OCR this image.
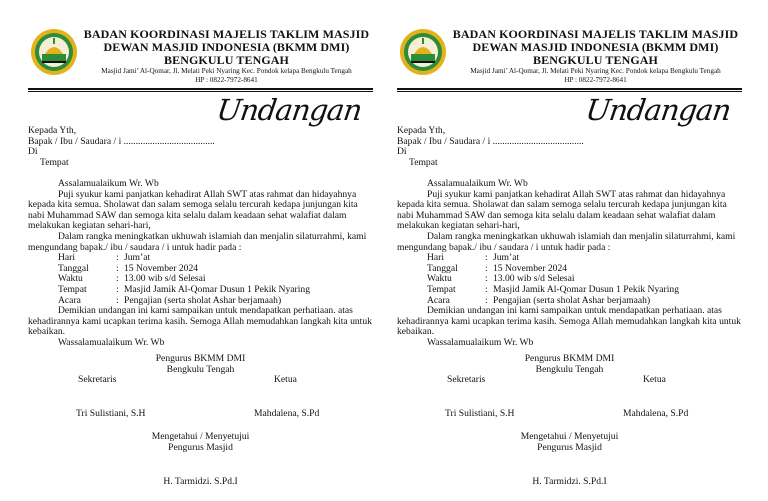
BADAN KOORDINASI MAJELIS TAKLIM MASJID
DEWAN MASJID INDONESIA (BKMM DMI)
BENGKULU TENGAH
Masjid Jami’ Al-Qomar, Jl. Melati Peki Nyaring Kec. Pondok kelapa Bengkulu Tengah
HP : 0822-7972-8641
Undangan

Kepada Yth,

Bapak / Ibu / Saudara / i ......................................

Di

Tempat

Assalamualaikum Wr. Wb

Puji syukur kami panjatkan kehadirat Allah SWT atas rahmat dan hidayahnya kepada kita semua. Sholawat dan salam semoga selalu tercurah kedapa junjungan kita nabi Muhammad SAW dan semoga kita selalu dalam keadaan sehat walafiat dalam melakukan kegiatan sehari-hari,

Dalam rangka meningkatkan ukhuwah islamiah dan menjalin silaturrahmi, kami mengundang bapak./ ibu / saudara / i untuk hadir pada :

Hari	: Jum’at
Tanggal	: 15 November 2024
Waktu	: 13.00 wib s/d Selesai
Tempat	: Masjid Jamik Al-Qomar Dusun 1 Pekik Nyaring
Acara	: Pengajian (serta sholat Ashar berjamaah)

Demikian undangan ini kami sampaikan untuk mendapatkan perhatiaan. atas kehadirannya kami ucapkan terima kasih. Semoga Allah memudahkan langkah kita untuk kebaikan.

Wassalamualaikum Wr. Wb

Pengurus BKMM DMI

Bengkulu Tengah

Sekretaris	Ketua
Tri Sulistiani, S.H	Mahdalena, S.Pd

Mengetahui / Menyetujui

Pengurus Masjid

H. Tarmidzi. S.Pd.I
BADAN KOORDINASI MAJELIS TAKLIM MASJID
DEWAN MASJID INDONESIA (BKMM DMI)
BENGKULU TENGAH
Masjid Jami’ Al-Qomar, Jl. Melati Peki Nyaring Kec. Pondok kelapa Bengkulu Tengah
HP : 0822-7972-8641
Undangan

Kepada Yth,

Bapak / Ibu / Saudara / i ......................................

Di

Tempat

Assalamualaikum Wr. Wb

Puji syukur kami panjatkan kehadirat Allah SWT atas rahmat dan hidayahnya kepada kita semua. Sholawat dan salam semoga selalu tercurah kedapa junjungan kita nabi Muhammad SAW dan semoga kita selalu dalam keadaan sehat walafiat dalam melakukan kegiatan sehari-hari,

Dalam rangka meningkatkan ukhuwah islamiah dan menjalin silaturrahmi, kami mengundang bapak./ ibu / saudara / i untuk hadir pada :

Hari	: Jum’at
Tanggal	: 15 November 2024
Waktu	: 13.00 wib s/d Selesai
Tempat	: Masjid Jamik Al-Qomar Dusun 1 Pekik Nyaring
Acara	: Pengajian (serta sholat Ashar berjamaah)

Demikian undangan ini kami sampaikan untuk mendapatkan perhatiaan. atas kehadirannya kami ucapkan terima kasih. Semoga Allah memudahkan langkah kita untuk kebaikan.

Wassalamualaikum Wr. Wb

Pengurus BKMM DMI

Bengkulu Tengah

Sekretaris	Ketua
Tri Sulistiani, S.H	Mahdalena, S.Pd

Mengetahui / Menyetujui

Pengurus Masjid

H. Tarmidzi. S.Pd.I
